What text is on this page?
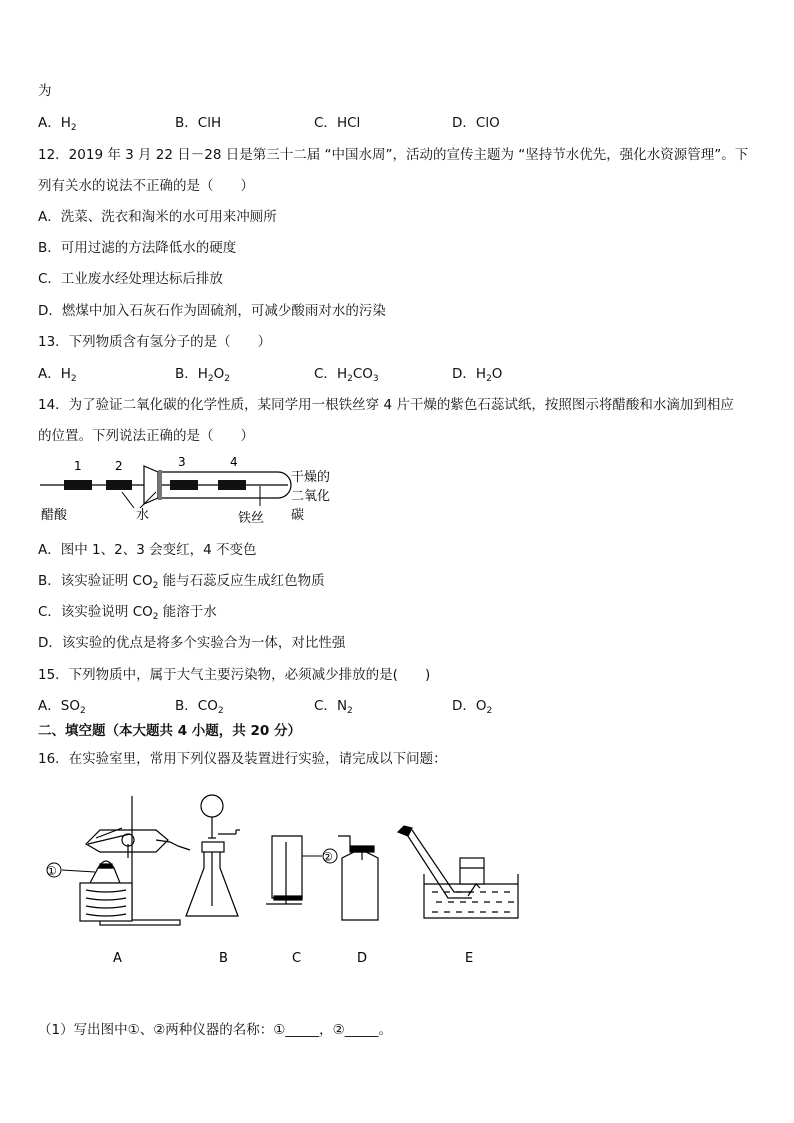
为
A．$H_2$	B．ClH	C．HCl	D．ClO
12．2019 年 3 月 22 日－28 日是第三十二届 “中国水周”，活动的宣传主题为 “坚持节水优先，强化水资源管理”。下
列有关水的说法不正确的是（　　）
A．洗菜、洗衣和淘米的水可用来冲厕所
B．可用过滤的方法降低水的硬度
C．工业废水经处理达标后排放
D．燃煤中加入石灰石作为固硫剂，可减少酸雨对水的污染
13．下列物质含有氢分子的是（　　）
A．$H_2$	B．$H_2O_2$	C．$H_2CO_3$	D．$H_2O$
14．为了验证二氧化碳的化学性质，某同学用一根铁丝穿 4 片干燥的紫色石蕊试纸，按照图示将醋酸和水滴加到相应
的位置。下列说法正确的是（　　）
1	2	3	4
醋酸	水	铁丝
干燥的
二氧化
碳
A．图中 1、2、3 会变红，4 不变色
B．该实验证明 $CO_2$ 能与石蕊反应生成红色物质
C．该实验说明 $CO_2$ 能溶于水
D．该实验的优点是将多个实验合为一体，对比性强
15．下列物质中，属于大气主要污染物，必须减少排放的是(　　)
A．$SO_2$	B．$CO_2$	C．$N_2$	D．$O_2$
二、填空题（本大题共 4 小题，共 20 分）
16．在实验室里，常用下列仪器及装置进行实验，请完成以下问题：
①
②
A	B	C	D	E
（1）写出图中①、②两种仪器的名称：①_____，②_____。
